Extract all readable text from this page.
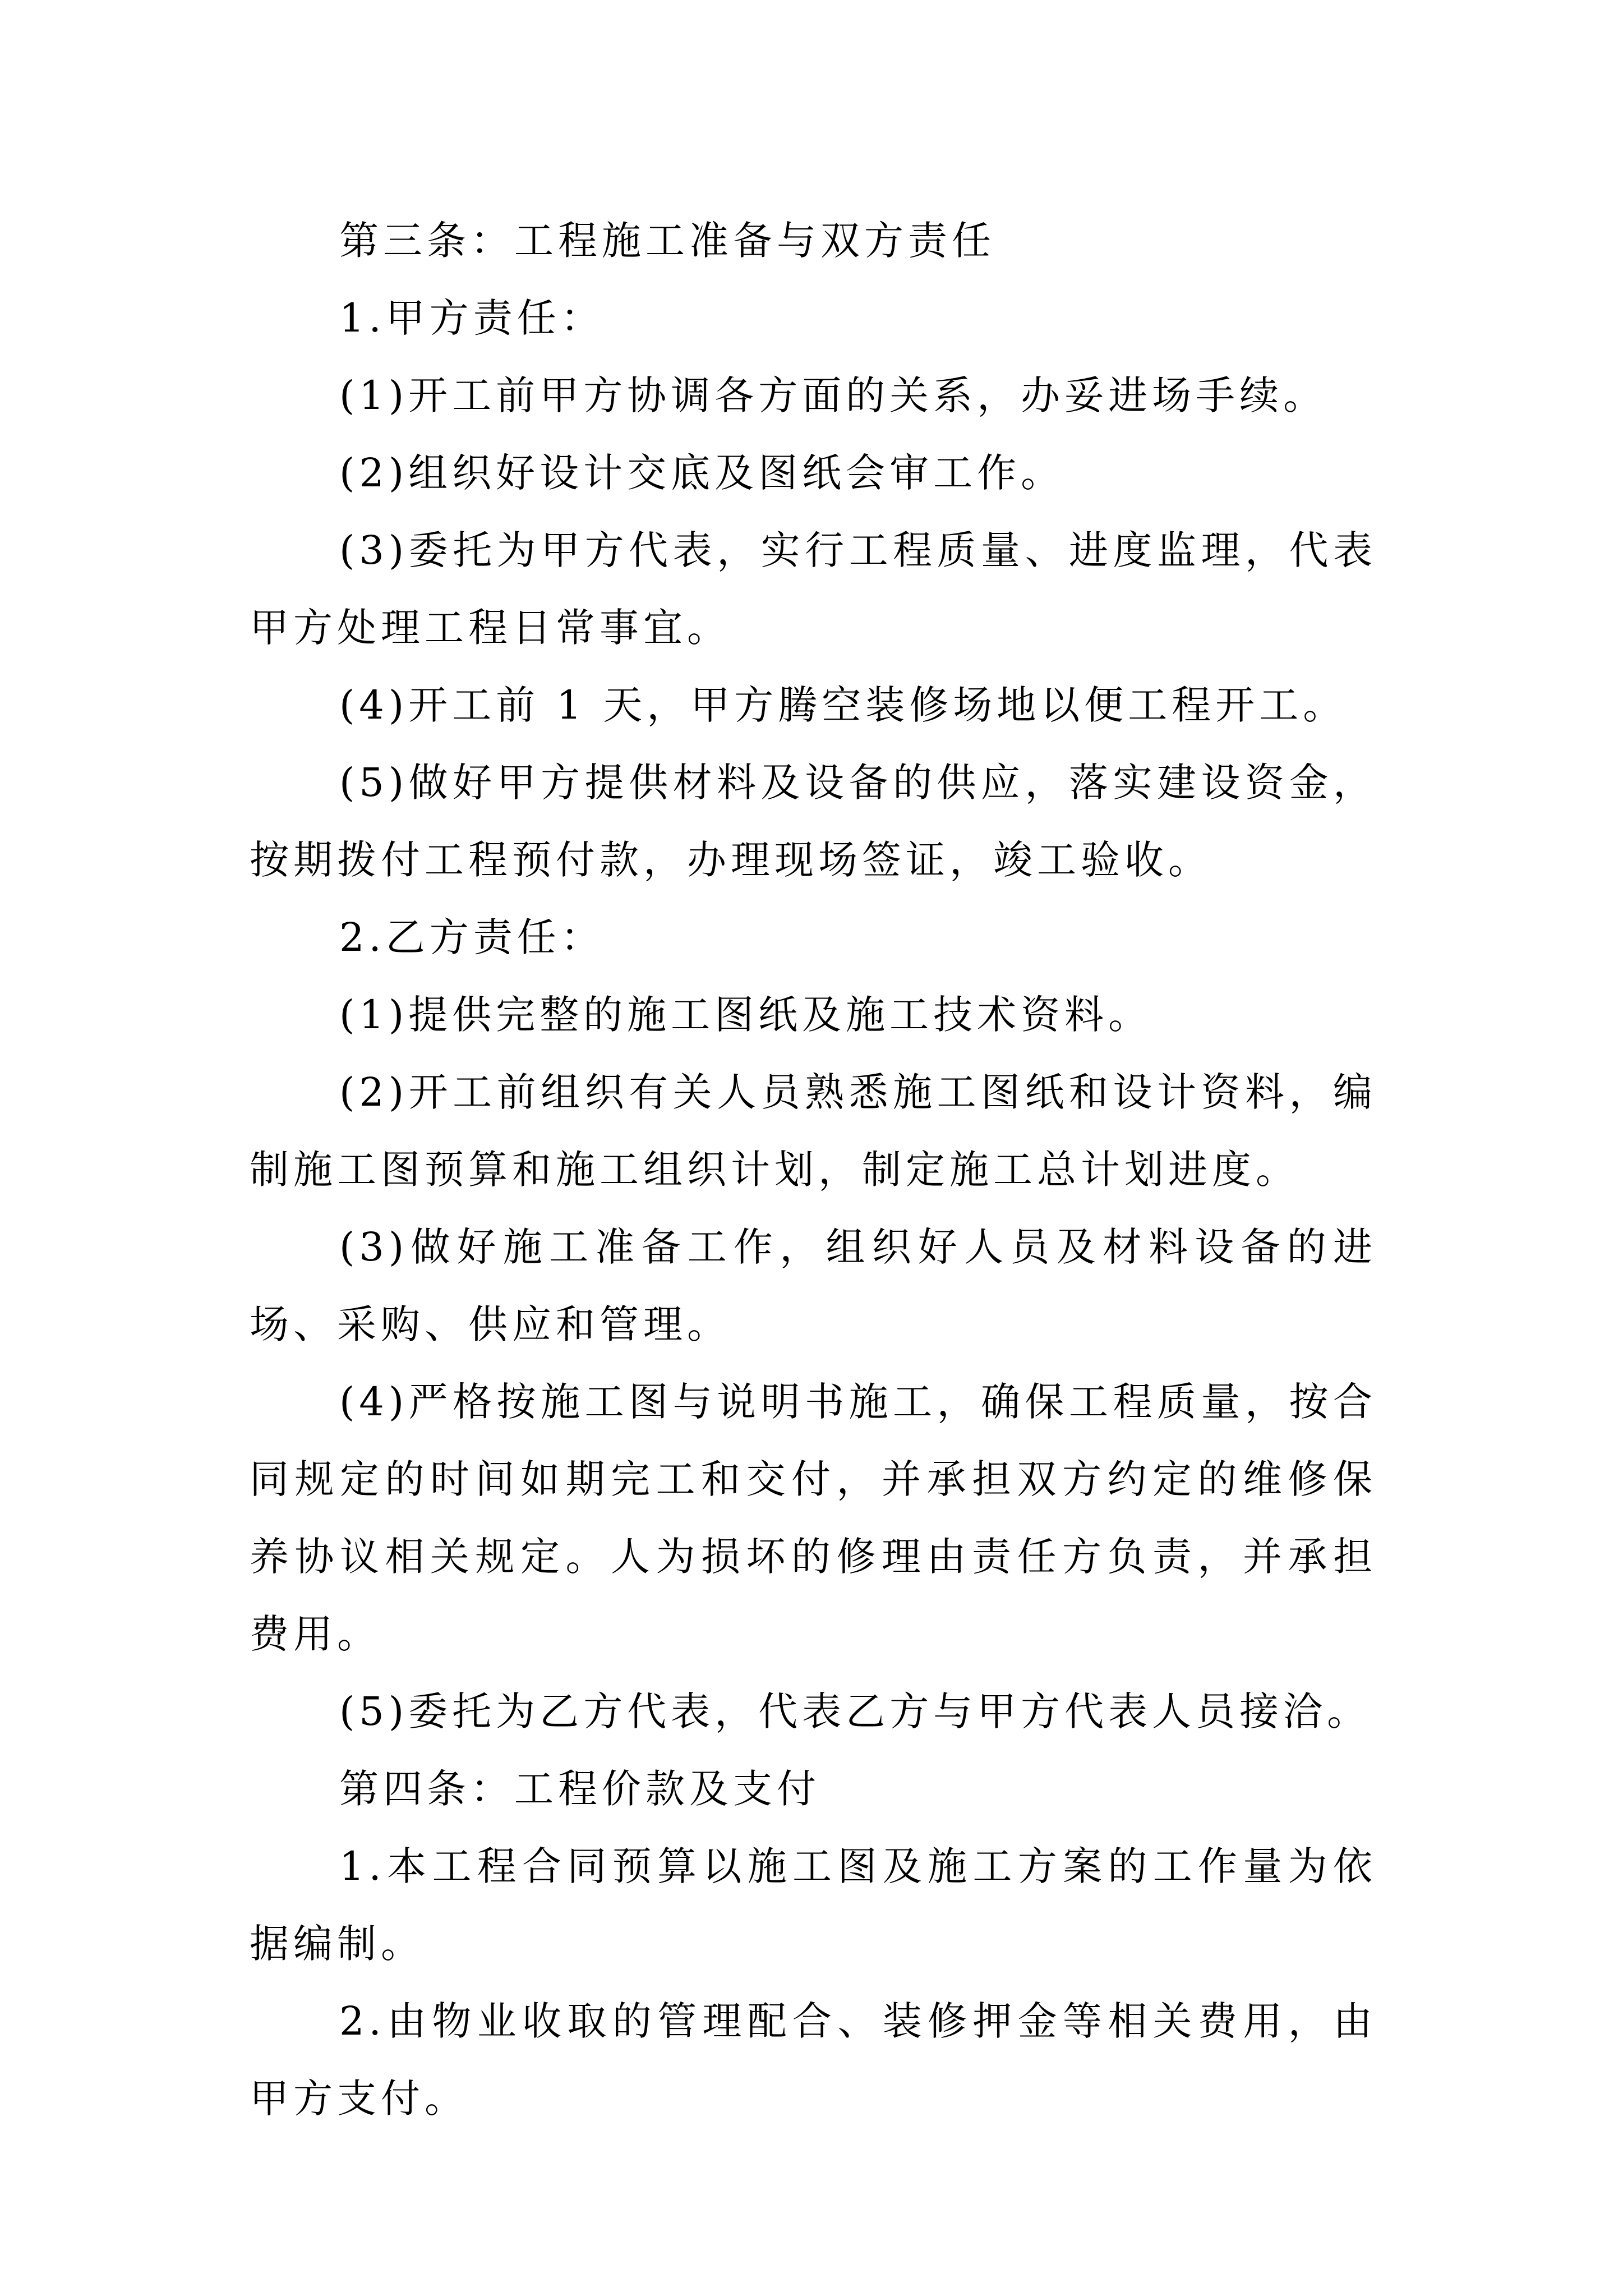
第三条：工程施工准备与双方责任

1.甲方责任：

(1)开工前甲方协调各方面的关系，办妥进场手续。

(2)组织好设计交底及图纸会审工作。

(3)委托为甲方代表，实行工程质量、进度监理，代表甲方处理工程日常事宜。

(4)开工前 1 天，甲方腾空装修场地以便工程开工。

(5)做好甲方提供材料及设备的供应，落实建设资金，按期拨付工程预付款，办理现场签证，竣工验收。

2.乙方责任：

(1)提供完整的施工图纸及施工技术资料。

(2)开工前组织有关人员熟悉施工图纸和设计资料，编制施工图预算和施工组织计划，制定施工总计划进度。

(3)做好施工准备工作，组织好人员及材料设备的进场、采购、供应和管理。

(4)严格按施工图与说明书施工，确保工程质量，按合同规定的时间如期完工和交付，并承担双方约定的维修保养协议相关规定。人为损坏的修理由责任方负责，并承担费用。

(5)委托为乙方代表，代表乙方与甲方代表人员接洽。

第四条：工程价款及支付

1.本工程合同预算以施工图及施工方案的工作量为依据编制。

2.由物业收取的管理配合、装修押金等相关费用，由甲方支付。
